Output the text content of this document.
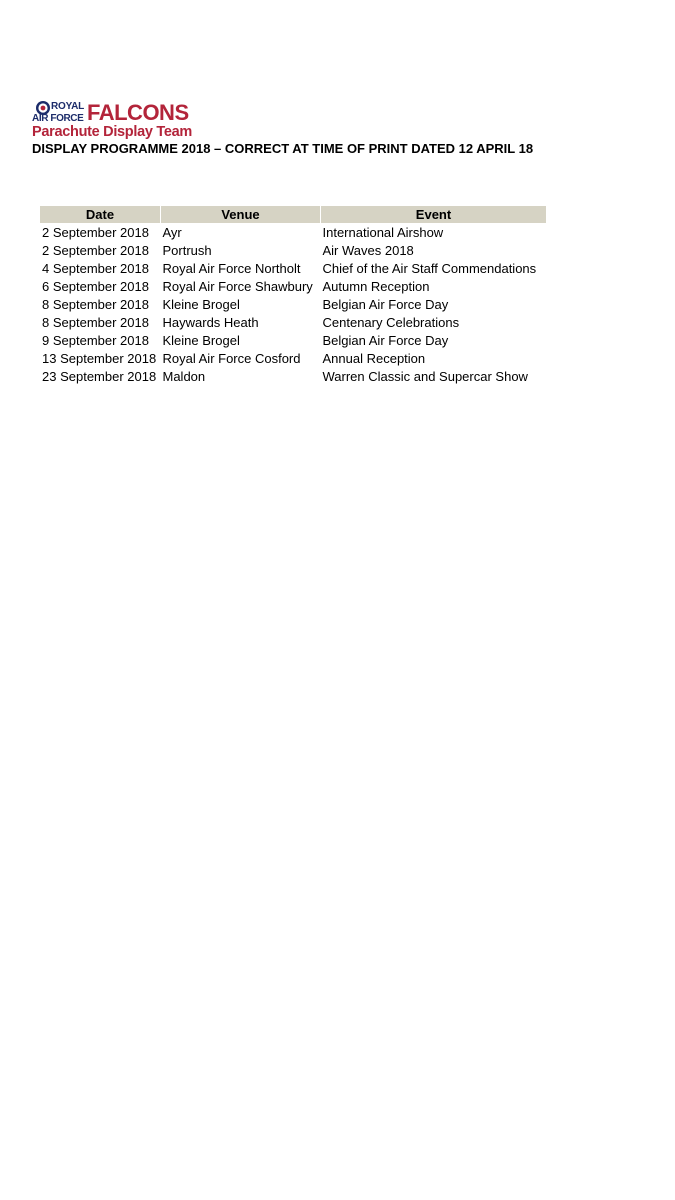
ROYAL
AIR FORCE FALCONS
Parachute Display Team
DISPLAY PROGRAMME 2018 – CORRECT AT TIME OF PRINT DATED 12 APRIL 18
Date	Venue	Event
2 September 2018	Ayr	International Airshow
2 September 2018	Portrush	Air Waves 2018
4 September 2018	Royal Air Force Northolt	Chief of the Air Staff Commendations
6 September 2018	Royal Air Force Shawbury	Autumn Reception
8 September 2018	Kleine Brogel	Belgian Air Force Day
8 September 2018	Haywards Heath	Centenary Celebrations
9 September 2018	Kleine Brogel	Belgian Air Force Day
13 September 2018	Royal Air Force Cosford	Annual Reception
23 September 2018	Maldon	Warren Classic and Supercar Show
